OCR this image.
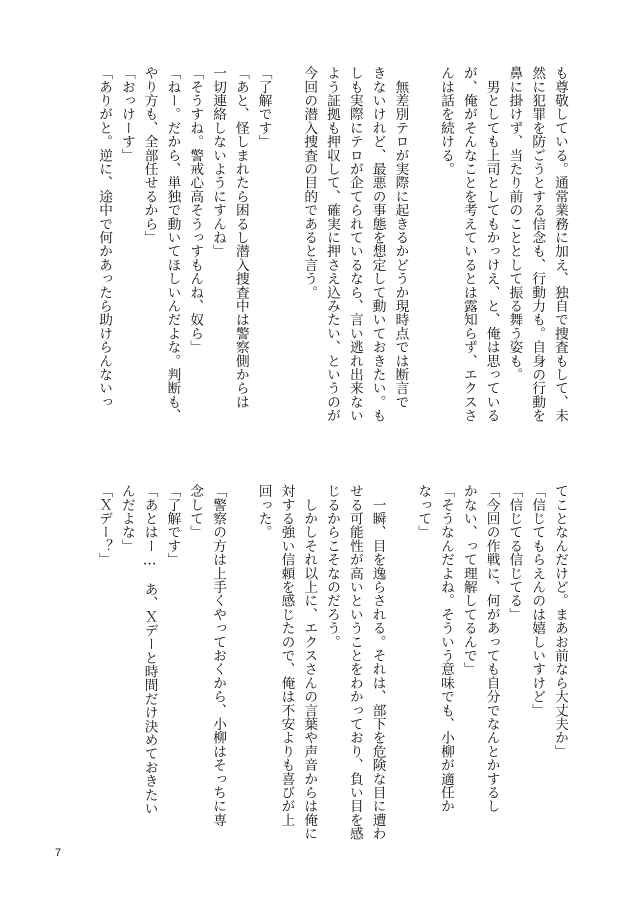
も尊敬している。通常業務に加え、独自で捜査もして、未
然に犯罪を防ごうとする信念も、行動力も。自身の行動を
鼻に掛けず、当たり前のこととして振る舞う姿も。
　男としても上司としてもかっけえ、と、俺は思っている
が、俺がそんなことを考えているとは露知らず、エクスさ
んは話を続ける。

　無差別テロが実際に起きるかどうか現時点では断言で
きないけれど、最悪の事態を想定して動いておきたい。も
しも実際にテロが企てられているなら、言い逃れ出来ない
よう証拠も押収して、確実に押さえ込みたい、というのが
今回の潜入捜査の目的であると言う。

「了解です」
「あと、怪しまれたら困るし潜入捜査中は警察側からは
一切連絡しないようにすんね」
「そうすね。警戒心高そうっすもんね、奴ら」
「ねー。だから、単独で動いてほしいんだよな。判断も、
やり方も、全部任せるから」
「おっけーす」
「ありがと。逆に、途中で何かあったら助けらんないっ
てことなんだけど。まあお前なら大丈夫か」
「信じてもらえんのは嬉しいすけど」
「信じてる信じてる」
「今回の作戦に、何があっても自分でなんとかするし
かない、って理解してるんで」
「そうなんだよね。そういう意味でも、小柳が適任か
なって」

　一瞬、目を逸らされる。それは、部下を危険な目に遭わ
せる可能性が高いということをわかっており、負い目を感
じるからこそなのだろう。
　しかしそれ以上に、エクスさんの言葉や声音からは俺に
対する強い信頼を感じたので、俺は不安よりも喜びが上
回った。

「警察の方は上手くやっておくから、小柳はそっちに専
念して」
「了解です」
「あとはー…　あ、Ｘデーと時間だけ決めておきたい
んだよな」
「Ｘデー？」
7
